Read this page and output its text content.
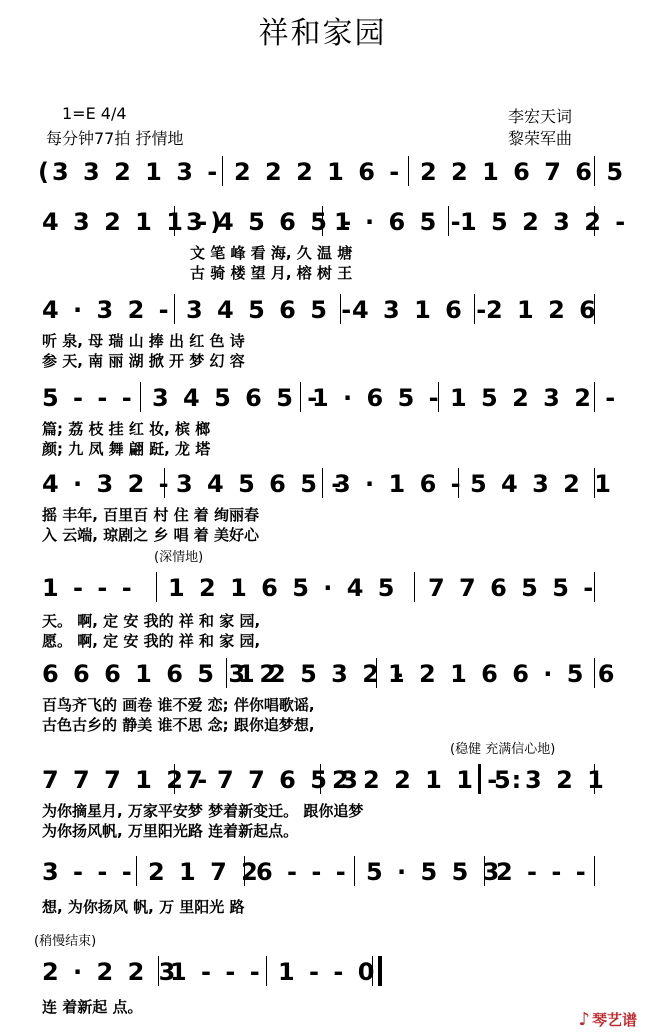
祥和家园
1=E 4/4
每分钟77拍 抒情地
李宏天词
黎荣军曲
(3 3 2 1 3 - 2 2 2 1 6 - 2 2 1 6 7 6 5
4 3 2 1 1 -)
3 4 5 6 5 -
1 · 6 5 -
1 5 2 3 2 -
文 笔 峰 看 海, 久 温 塘
古 骑 楼 望 月, 榕 树 王
4 · 3 2 - 3 4 5 6 5 -
4 3 1 6 -
2 1 2 6
听 泉, 母 瑞 山 捧 出 红 色 诗
参 天, 南 丽 湖 掀 开 梦 幻 容
5 - - - 3 4 5 6 5 -
1 · 6 5 - 1 5 2 3 2 -
篇; 荔 枝 挂 红 妆, 槟 榔
颜; 九 凤 舞 翩 跹, 龙 塔
4 · 3 2 - 3 4 5 6 5 -
3 · 1 6 - 5 4 3 2 1
摇 丰年, 百里百 村 住 着 绚丽春
入 云端, 琼剧之 乡 唱 着 美好心
(深情地)
1 - - - 1 2 1 6 5 · 4 5 7 7 6 5 5 -
天。 啊, 定 安 我的 祥 和 家 园,
愿。 啊, 定 安 我的 祥 和 家 园,
6 6 6 1 6 5 3 2
1 2 5 3 2 -
1 2 1 6 6 · 5 6
百鸟齐飞的 画卷 谁不爱 恋; 伴你唱歌谣,
古色古乡的 静美 谁不思 念; 跟你追梦想,
(稳健 充满信心地)
7 7 7 1 2 -
7 7 7 6 5 3
2 2 2 1 1 - :
5 3 2 1
为你摘星月, 万家平安梦 梦着新变迁。 跟你追梦
为你扬风帆, 万里阳光路 连着新起点。
3 - - - 2 1 7 2
6 - - - 5 · 5 5 3
2 - - -
想, 为你扬风 帆, 万 里阳光 路
(稍慢结束)
2 · 2 2 3
1 - - - 1 - - 0
连 着新起 点。
♪ 琴艺谱
